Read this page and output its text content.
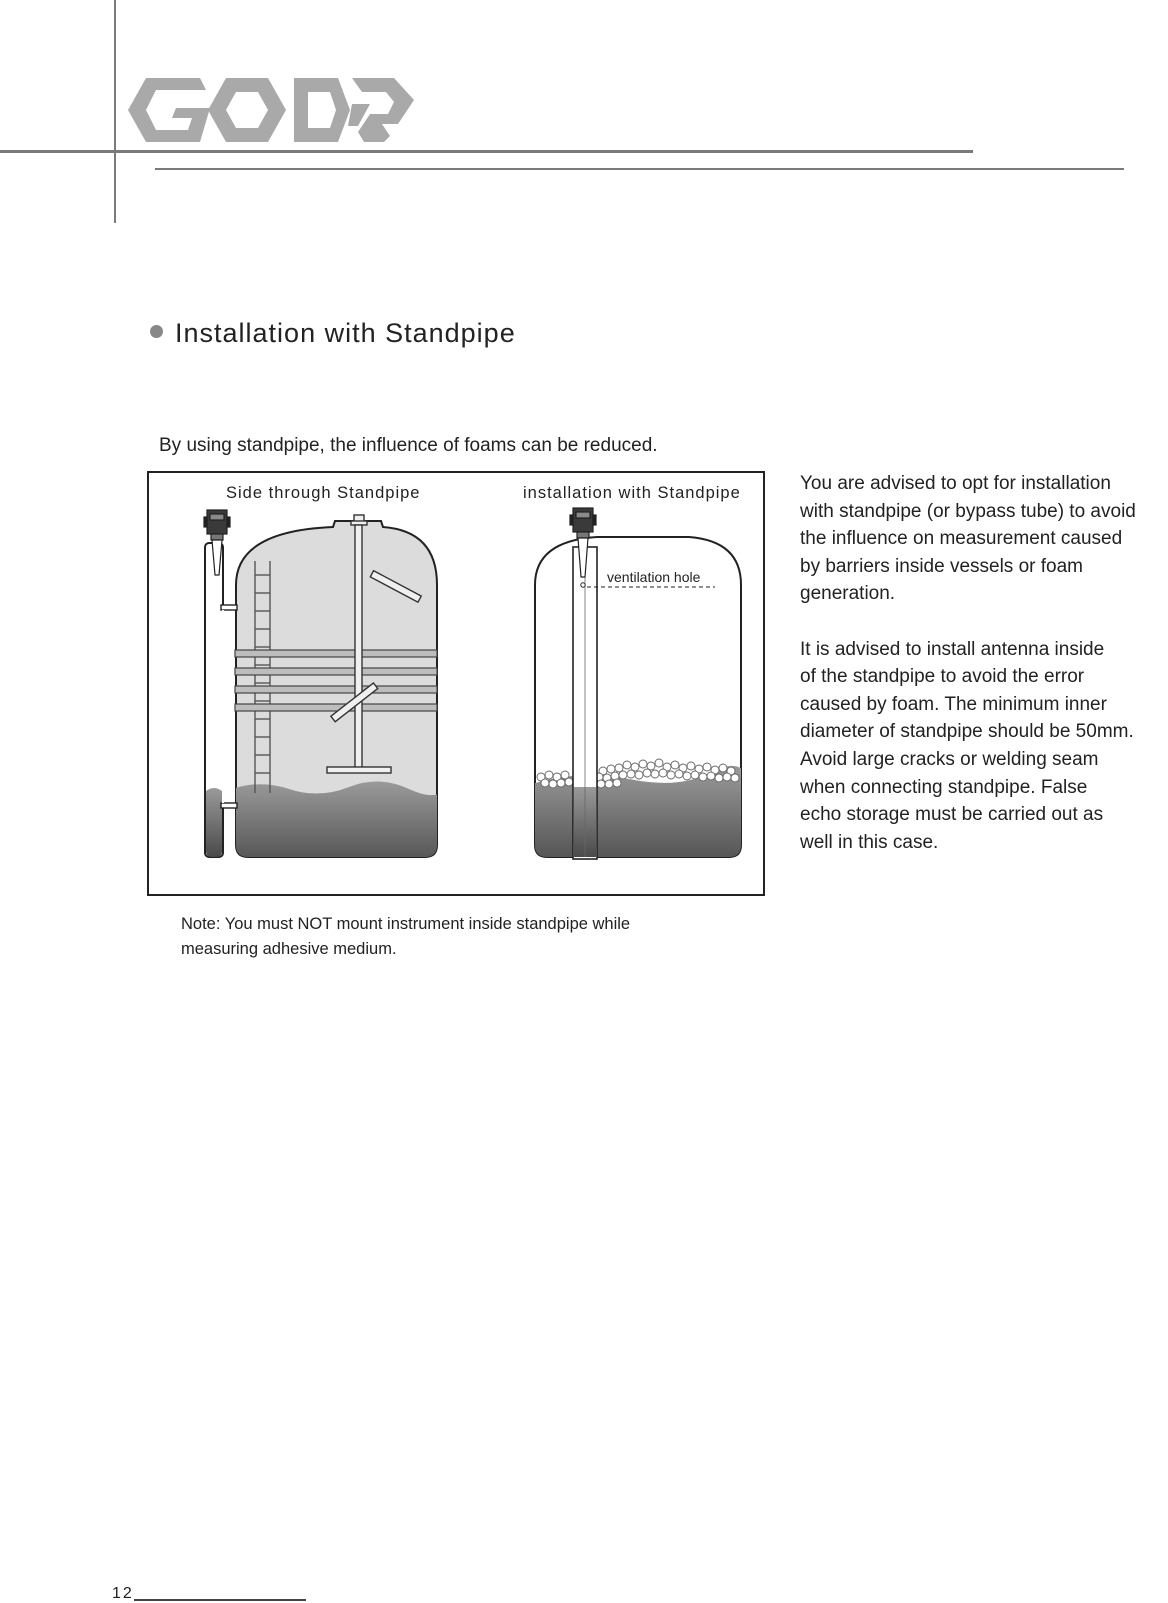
Installation with Standpipe
By using standpipe, the influence of foams can be reduced.
Side through Standpipe	installation with Standpipe
ventilation hole

You are advised to opt for installation
with standpipe (or bypass tube) to avoid
the influence on measurement caused
by barriers inside vessels or foam
generation.

It is advised to install antenna inside
of the standpipe to avoid the error
caused by foam. The minimum inner
diameter of standpipe should be 50mm.
Avoid large cracks or welding seam
when connecting standpipe. False
echo storage must be carried out as
well in this case.

Note: You must NOT mount instrument inside standpipe while
measuring adhesive medium.
12
